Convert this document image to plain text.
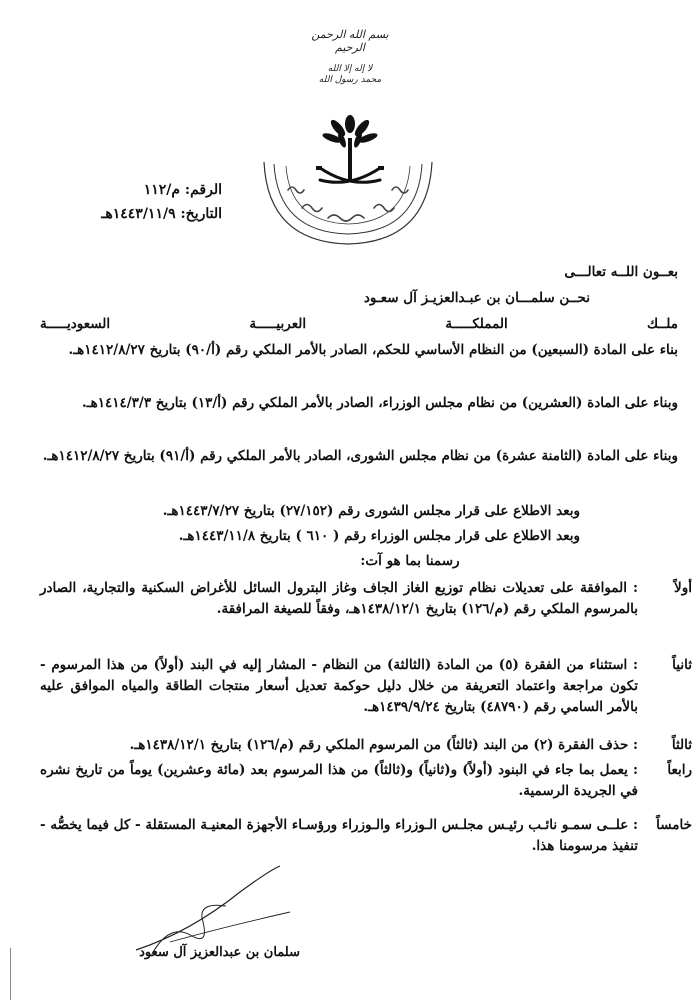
بسم الله الرحمن الرحيم
لا إله إلا الله محمد رسول الله
الرقم: م/١١٢
التاريخ: ١٤٤٣/١١/٩هـ
بعــون اللــه تعالـــى
نحــن سلمـــان بن عبـدالعزيـز آل سعـود
ملــك المملكـــــة العربيـــــة السعوديـــــة
بناء على المادة (السبعين) من النظام الأساسي للحكم، الصادر بالأمر الملكي رقم (أ/٩٠) بتاريخ ١٤١٢/٨/٢٧هـ.
وبناء على المادة (العشرين) من نظام مجلس الوزراء، الصادر بالأمر الملكي رقم (أ/١٣) بتاريخ ١٤١٤/٣/٣هـ.
وبناء على المادة (الثامنة عشرة) من نظام مجلس الشورى، الصادر بالأمر الملكي رقم (أ/٩١) بتاريخ ١٤١٢/٨/٢٧هـ.
وبعد الاطلاع على قرار مجلس الشورى رقم (٢٧/١٥٢) بتاريخ ١٤٤٣/٧/٢٧هـ.
وبعد الاطلاع على قرار مجلس الوزراء رقم ( ٦١٠ ) بتاريخ ١٤٤٣/١١/٨هـ.
رسمنا بما هو آت:
أولاً
: الموافقة على تعديلات نظام توزيع الغاز الجاف وغاز البترول السائل للأغراض السكنية والتجارية، الصادر بالمرسوم الملكي رقم (م/١٢٦) بتاريخ ١٤٣٨/١٢/١هـ، وفقاً للصيغة المرافقة.
ثانياً
: استثناء من الفقرة (٥) من المادة (الثالثة) من النظام - المشار إليه في البند (أولاً) من هذا المرسوم - تكون مراجعة واعتماد التعريفة من خلال دليل حوكمة تعديل أسعار منتجات الطاقة والمياه الموافق عليه بالأمر السامي رقم (٤٨٧٩٠) بتاريخ ١٤٣٩/٩/٢٤هـ.
ثالثاً
: حذف الفقرة (٢) من البند (ثالثاً) من المرسوم الملكي رقم (م/١٢٦) بتاريخ ١٤٣٨/١٢/١هـ.
رابعاً
: يعمل بما جاء في البنود (أولاً) و(ثانياً) و(ثالثاً) من هذا المرسوم بعد (مائة وعشرين) يوماً من تاريخ نشره في الجريدة الرسمية.
خامساً
: علــى سمـو نائـب رئيـس مجلـس الـوزراء والـوزراء ورؤسـاء الأجهزة المعنيـة المستقلة - كل فيما يخصُّه - تنفيذ مرسومنا هذا.
سلمان بن عبدالعزيز آل سعود
